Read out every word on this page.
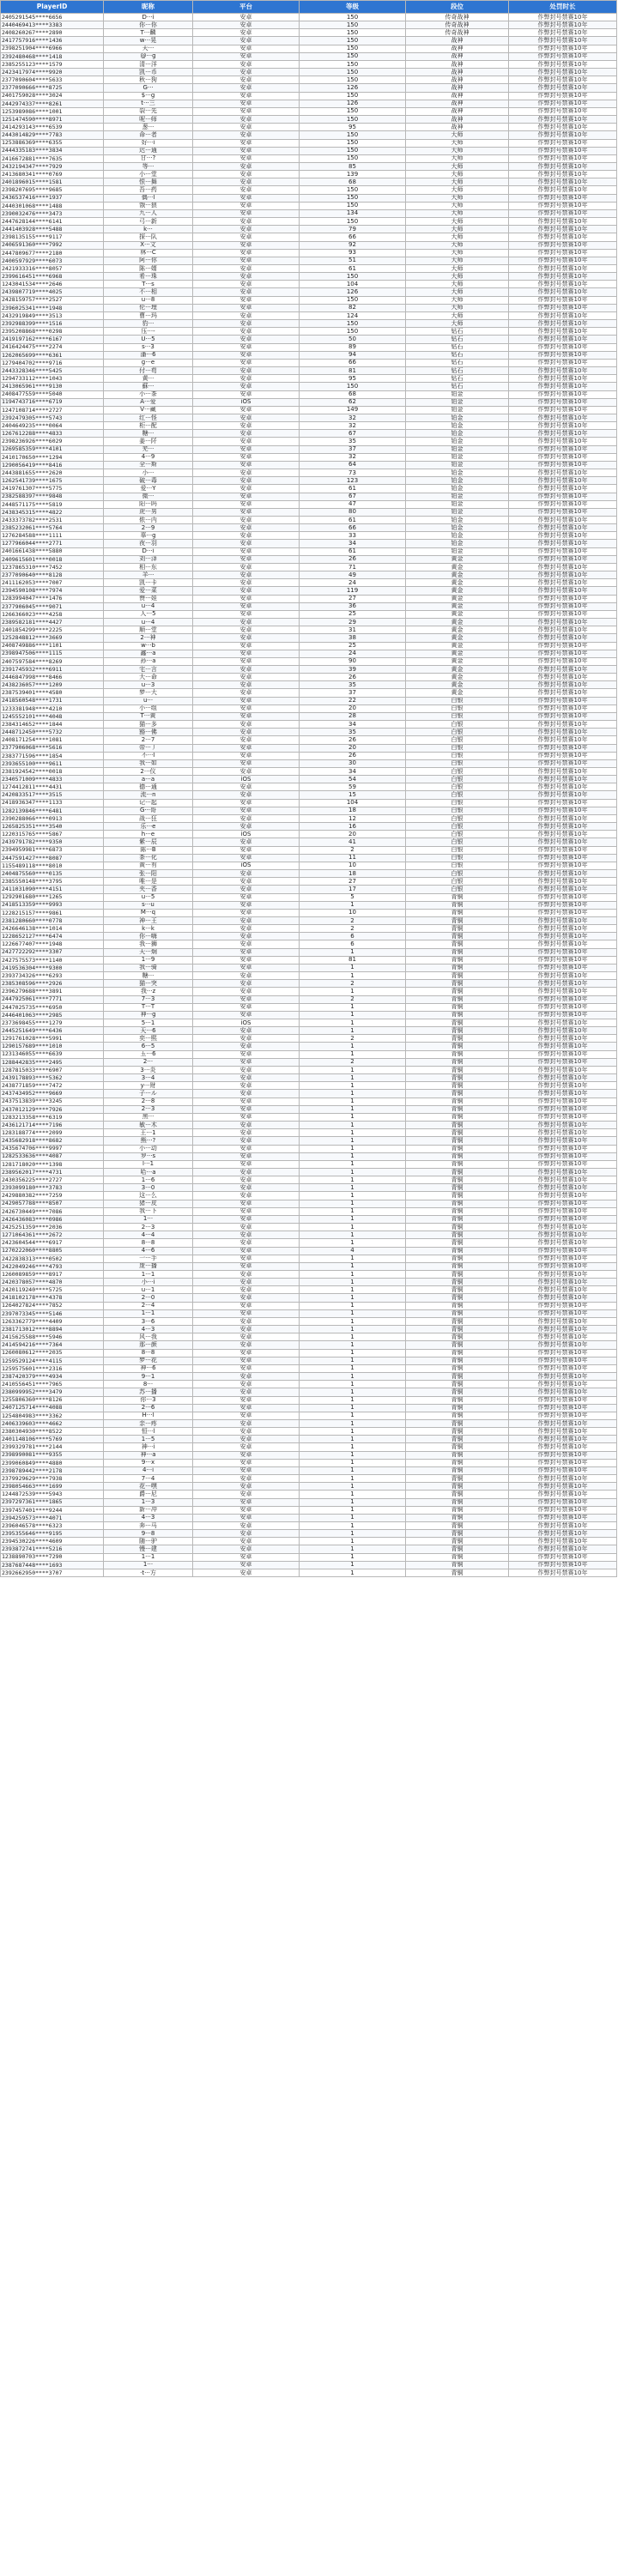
PlayerID	昵称	平台	等级	段位	处罚时长
2405291545****6656	D···i	安卓	150	传奇战神	作弊封号禁赛10年
2440469413****3383	你···你	安卓	150	传奇战神	作弊封号禁赛10年
2408260267****2890	T···麟	安卓	150	传奇战神	作弊封号禁赛10年
2417757916****1436	w···晃	安卓	150	战神	作弊封号禁赛10年
2398251904****6966	天···	安卓	150	战神	作弊封号禁赛10年
2392480468****1418	@···g	安卓	150	战神	作弊封号禁赛10年
2385255123****1579	清···洋	安卓	150	战神	作弊封号禁赛10年
2423417974****9920	凯···币	安卓	150	战神	作弊封号禁赛10年
2377090604****5633	秋···狗	安卓	150	战神	作弊封号禁赛10年
2377090666****8725	G···	安卓	126	战神	作弊封号禁赛10年
2401759028****3024	$···g	安卓	150	战神	作弊封号禁赛10年
2442974337****8261	t···三	安卓	126	战神	作弊封号禁赛10年
1253989086****1001	裂···先	安卓	150	战神	作弊封号禁赛10年
1251474590****8971	呢···师	安卓	150	战神	作弊封号禁赛10年
2414293143****6539	葱···	安卓	95	战神	作弊封号禁赛10年
2443014829****7783	命···者	安卓	150	大师	作弊封号禁赛10年
1253886369****6355	好···i	安卓	150	大师	作弊封号禁赛10年
2444335183****3834	迟···通	安卓	150	大师	作弊封号禁赛10年
2416672881****7635	甘···?	安卓	150	大师	作弊封号禁赛10年
2432194347****7929	等···	安卓	85	大师	作弊封号禁赛10年
2413680341****0769	小···堂	安卓	139	大师	作弊封号禁赛10年
2401896015****1581	恨···舞	安卓	68	大师	作弊封号禁赛10年
2398207695****9685	吾···药	安卓	150	大师	作弊封号禁赛10年
2436537416****1937	偶···l	安卓	150	大师	作弊封号禁赛10年
2440301068****1488	饿···狼	安卓	150	大师	作弊封号禁赛10年
2390032476****3473	九···人	安卓	134	大师	作弊封号禁赛10年
2447628144****6141	弓···新	安卓	150	大师	作弊封号禁赛10年
2441403928****5488	k···	安卓	79	大师	作弊封号禁赛10年
2398135155****9117	探···队	安卓	66	大师	作弊封号禁赛10年
2406591360****7992	X···文	安卓	92	大师	作弊封号禁赛10年
2447809677****2180	林···C	安卓	93	大师	作弊封号禁赛10年
2400597929****6073	阿···你	安卓	51	大师	作弊封号禁赛10年
2421933316****8057	陈···婿	安卓	61	大师	作弊封号禁赛10年
2399616451****6968	希···珠	安卓	150	大师	作弊封号禁赛10年
1243041534****2646	T···s	安卓	104	大师	作弊封号禁赛10年
2439807719****4025	不···相	安卓	126	大师	作弊封号禁赛10年
2428159757****2527	u···8	安卓	150	大师	作弊封号禁赛10年
2396025341****1948	伦···理	安卓	82	大师	作弊封号禁赛10年
2432919849****3513	曹···玛	安卓	124	大师	作弊封号禁赛10年
2392988399****1516	豹···	安卓	150	大师	作弊封号禁赛10年
2395208868****0298	压···-	安卓	150	钻石	作弊封号禁赛10年
2419197162****6167	U···5	安卓	50	钻石	作弊封号禁赛10年
2416424475****2274	s···3	安卓	89	钻石	作弊封号禁赛10年
1262065699****6361	潘···6	安卓	94	钻石	作弊封号禁赛10年
1279404702****9716	g···e	安卓	66	钻石	作弊封号禁赛10年
2443328346****5425	付···苟	安卓	81	钻石	作弊封号禁赛10年
1294733112****1043	黄···	安卓	95	钻石	作弊封号禁赛10年
2413065961****9130	蘇···	安卓	150	钻石	作弊封号禁赛10年
2408477559****5040	小···茶	安卓	68	铂金	作弊封号禁赛10年
1194743716****6719	A···爱	iOS	62	铂金	作弊封号禁赛10年
1247108714****2727	V···藏	安卓	149	铂金	作弊封号禁赛10年
2392479305****5743	红···怪	安卓	32	铂金	作弊封号禁赛10年
2404649235****0064	柜···配	安卓	32	铂金	作弊封号禁赛10年
1267612288****4833	糖···	安卓	67	铂金	作弊封号禁赛10年
2398236926****6029	姜···阡	安卓	35	铂金	作弊封号禁赛10年
1269585359****4101	芜···	安卓	37	铂金	作弊封号禁赛10年
2410170650****1294	4···9	安卓	32	铂金	作弊封号禁赛10年
1290056419****8416	全···斯	安卓	64	铂金	作弊封号禁赛10年
2443881655****2620	小···	安卓	73	铂金	作弊封号禁赛10年
1262541739****1675	破···毒	安卓	123	铂金	作弊封号禁赛10年
2419761307****5775	爱···Y	安卓	61	铂金	作弊封号禁赛10年
2382588397****9848	微···	安卓	67	铂金	作弊封号禁赛10年
2448571175****5819	阳···吗	安卓	47	铂金	作弊封号禁赛10年
2438345315****4822	虎···男	安卓	80	铂金	作弊封号禁赛10年
2433373782****2531	侬···内	安卓	61	铂金	作弊封号禁赛10年
2385232061****5764	2···9	安卓	66	铂金	作弊封号禁赛10年
1276284588****1111	辜···g	安卓	33	铂金	作弊封号禁赛10年
1277966044****2771	夜···羽	安卓	34	铂金	作弊封号禁赛10年
2401661438****5880	D···i	安卓	61	铂金	作弊封号禁赛10年
2409615601****0018	刘···泽	安卓	26	黄金	作弊封号禁赛10年
1237865310****7452	相···东	安卓	71	黄金	作弊封号禁赛10年
2377090640****8128	羊···	安卓	49	黄金	作弊封号禁赛10年
2411162053****7007	凯···卡	安卓	24	黄金	作弊封号禁赛10年
2394590108****7974	爱···菜	安卓	119	黄金	作弊封号禁赛10年
1283994047****1476	赞···娃	安卓	27	黄金	作弊封号禁赛10年
2377906045****9071	u···4	安卓	36	黄金	作弊封号禁赛10年
1266366023****4258	人···5	安卓	25	黄金	作弊封号禁赛10年
2389582181****4427	u···4	安卓	29	黄金	作弊封号禁赛10年
2401854299****2225	顺···堂	安卓	31	黄金	作弊封号禁赛10年
1252848812****3669	2···神	安卓	38	黄金	作弊封号禁赛10年
2408749886****1101	w···b	安卓	25	黄金	作弊封号禁赛10年
2398947506****1115	鑫···a	安卓	24	黄金	作弊封号禁赛10年
2407597584****8269	孙···a	安卓	90	黄金	作弊封号禁赛10年
2391745932****6911	宅···言	安卓	39	黄金	作弊封号禁赛10年
2446847998****8466	大···命	安卓	26	黄金	作弊封号禁赛10年
2438236057****1209	u···3	安卓	35	黄金	作弊封号禁赛10年
2387539401****4580	梦···大	安卓	37	黄金	作弊封号禁赛10年
2418560548****1731	u···	安卓	22	白银	作弊封号禁赛10年
1233381948****4210	小···组	安卓	20	白银	作弊封号禁赛10年
1245552101****4048	T···黄	安卓	28	白银	作弊封号禁赛10年
2384314652****1844	猫···多	安卓	34	白银	作弊封号禁赛10年
2448712450****5732	豁···佛	安卓	35	白银	作弊封号禁赛10年
2408171254****1081	2···7	安卓	26	白银	作弊封号禁赛10年
2377906068****5616	帝···丿	安卓	20	白银	作弊封号禁赛10年
2383771596****1854	不···I	安卓	26	白银	作弊封号禁赛10年
2393655100****9611	我···如	安卓	30	白银	作弊封号禁赛10年
2381924542****0018	2···仪	安卓	34	白银	作弊封号禁赛10年
2340571009****4833	a···a	iOS	54	白银	作弊封号禁赛10年
1274412811****4431	德···通	安卓	59	白银	作弊封号禁赛10年
2420833517****3515	流···n	安卓	15	白银	作弊封号禁赛10年
2418936347****1133	记···起	安卓	104	白银	作弊封号禁赛10年
1282139846****6481	G···哥	安卓	18	白银	作弊封号禁赛10年
2390288066****0913	战···狂	安卓	12	白银	作弊封号禁赛10年
1265825351****3540	乐···e	安卓	16	白银	作弊封号禁赛10年
1220315765****5867	h···e	iOS	20	白银	作弊封号禁赛10年
2439791782****9350	紫···辰	安卓	41	白银	作弊封号禁赛10年
2394959981****6873	陈···B	安卓	2	白银	作弊封号禁赛10年
2447591427****8087	茶···化	安卓	11	白银	作弊封号禁赛10年
1155489118****8010	黄···有	iOS	10	白银	作弊封号禁赛10年
2404875560****0135	张···阳	安卓	18	白银	作弊封号禁赛10年
2385550148****3795	唯···是	安卓	27	白银	作弊封号禁赛10年
2411031090****4151	夹···香	安卓	17	白银	作弊封号禁赛10年
1292901680****1265	u···5	安卓	5	青铜	作弊封号禁赛10年
2418513359****9993	s···u	安卓	1	青铜	作弊封号禁赛10年
1228215157****9861	M···q	安卓	10	青铜	作弊封号禁赛10年
2381280660****0778	神···王	安卓	2	青铜	作弊封号禁赛10年
2426646138****1014	k···k	安卓	2	青铜	作弊封号禁赛10年
1228652127****6474	你···嗨	安卓	6	青铜	作弊封号禁赛10年
1226677407****1948	我···狮	安卓	6	青铜	作弊封号禁赛10年
2427722292****3307	天···炯	安卓	1	青铜	作弊封号禁赛10年
2427575573****1140	1···9	安卓	81	青铜	作弊封号禁赛10年
2419536304****9300	我···骑	安卓	1	青铜	作弊封号禁赛10年
2393734326****6293	糖···	安卓	1	青铜	作弊封号禁赛10年
2385308596****2926	猫···突	安卓	2	青铜	作弊封号禁赛10年
2396279688****3891	我···z	安卓	1	青铜	作弊封号禁赛10年
2447925061****7771	7···3	安卓	2	青铜	作弊封号禁赛10年
2447025735****6950	T···T	安卓	1	青铜	作弊封号禁赛10年
2446401063****2985	神···g	安卓	1	青铜	作弊封号禁赛10年
2373698455****1279	5···1	iOS	1	青铜	作弊封号禁赛10年
2445251649****6436	天···6	安卓	1	青铜	作弊封号禁赛10年
1291761028****5991	奕···熙	安卓	2	青铜	作弊封号禁赛10年
1290157689****1010	6···5	安卓	1	青铜	作弊封号禁赛10年
1231346055****6639	玉···6	安卓	1	青铜	作弊封号禁赛10年
1288442835****2495	2···	安卓	2	青铜	作弊封号禁赛10年
1287815033****6907	3···炎	安卓	1	青铜	作弊封号禁赛10年
2439178893****5362	3···4	安卓	1	青铜	作弊封号禁赛10年
2438771859****7472	y···财	安卓	1	青铜	作弊封号禁赛10年
2437434952****9669	子···ル	安卓	1	青铜	作弊封号禁赛10年
2437513839****3245	2···8	安卓	1	青铜	作弊封号禁赛10年
2437012129****7926	2···3	安卓	1	青铜	作弊封号禁赛10年
1283213358****6319	黑···	安卓	1	青铜	作弊封号禁赛10年
2436121714****7196	敏···木	安卓	1	青铜	作弊封号禁赛10年
1283188774****2099	王···1	安卓	1	青铜	作弊封号禁赛10年
2435682918****8682	熊···?	安卓	1	青铜	作弊封号禁赛10年
2435674706****9997	小···动	安卓	1	青铜	作弊封号禁赛10年
1282533636****4087	罗···s	安卓	1	青铜	作弊封号禁赛10年
1281718020****1398	l···1	安卓	1	青铜	作弊封号禁赛10年
2389562017****4731	哈···a	安卓	1	青铜	作弊封号禁赛10年
2430356225****2727	1···6	安卓	1	青铜	作弊封号禁赛10年
2393099180****3783	3···0	安卓	1	青铜	作弊封号禁赛10年
2429880382****7259	这···么	安卓	1	青铜	作弊封号禁赛10年
2429057788****8507	猪···皮	安卓	1	青铜	作弊封号禁赛10年
2426730449****7086	我···下	安卓	1	青铜	作弊封号禁赛10年
2426436083****0986	1···	安卓	1	青铜	作弊封号禁赛10年
2425251359****2036	2···3	安卓	1	青铜	作弊封号禁赛10年
1271064361****2672	4···4	安卓	1	青铜	作弊封号禁赛10年
2423604544****6917	8···8	安卓	1	青铜	作弊封号禁赛10年
1270222060****8805	4···6	安卓	4	青铜	作弊封号禁赛10年
2422838313****0502	一···手	安卓	1	青铜	作弊封号禁赛10年
2422049246****4793	庞···播	安卓	1	青铜	作弊封号禁赛10年
1260089859****8917	1···1	安卓	1	青铜	作弊封号禁赛10年
2420378057****4870	小···i	安卓	1	青铜	作弊封号禁赛10年
2420119240****5725	u···1	安卓	1	青铜	作弊封号禁赛10年
2418102178****4378	2···0	安卓	1	青铜	作弊封号禁赛10年
1264027824****7852	2···4	安卓	1	青铜	作弊封号禁赛10年
2397073345****5146	1···1	安卓	1	青铜	作弊封号禁赛10年
1263362779****4409	3···6	安卓	1	青铜	作弊封号禁赛10年
2381713012****8894	4···3	安卓	1	青铜	作弊封号禁赛10年
2415625588****5946	风···我	安卓	1	青铜	作弊封号禁赛10年
2414594216****7364	那···颜	安卓	1	青铜	作弊封号禁赛10年
1260080612****2035	8···8	安卓	1	青铜	作弊封号禁赛10年
1259529124****4115	梦···花	安卓	1	青铜	作弊封号禁赛10年
1259575601****2316	神···6	安卓	1	青铜	作弊封号禁赛10年
2387420379****4934	9···1	安卓	1	青铜	作弊封号禁赛10年
2410556451****7965	8···	安卓	1	青铜	作弊封号禁赛10年
2380999952****3479	苏···播	安卓	1	青铜	作弊封号禁赛10年
1255806360****8126	你···3	安卓	1	青铜	作弊封号禁赛10年
2407125714****4088	2···6	安卓	1	青铜	作弊封号禁赛10年
1254804983****3362	H···l	安卓	1	青铜	作弊封号禁赛10年
2406339603****4662	亲···疼	安卓	1	青铜	作弊封号禁赛10年
2380304930****8522	恒···l	安卓	1	青铜	作弊封号禁赛10年
2401148106****5769	1···5	安卓	1	青铜	作弊封号禁赛10年
2399329781****2144	神···i	安卓	1	青铜	作弊封号禁赛10年
2398990081****9355	神···a	安卓	1	青铜	作弊封号禁赛10年
2399060849****4880	9···x	安卓	1	青铜	作弊封号禁赛10年
2398789442****2178	4···i	安卓	1	青铜	作弊封号禁赛10年
2379929629****7938	7···4	安卓	1	青铜	作弊封号禁赛10年
2398054663****1699	花···嘿	安卓	1	青铜	作弊封号禁赛10年
1244872539****5943	爵···尼	安卓	1	青铜	作弊封号禁赛10年
2397297361****1865	1···3	安卓	1	青铜	作弊封号禁赛10年
2397457401****9244	新···冲	安卓	1	青铜	作弊封号禁赛10年
2394259573****4071	4···3	安卓	1	青铜	作弊封号禁赛10年
2396046578****6323	奔···马	安卓	1	青铜	作弊封号禁赛10年
2395355646****9195	9···8	安卓	1	青铜	作弊封号禁赛10年
2394530226****4609	随···驴	安卓	1	青铜	作弊封号禁赛10年
2393872741****5216	慢···建	安卓	1	青铜	作弊封号禁赛10年
1238890703****7290	1···1	安卓	1	青铜	作弊封号禁赛10年
2387687448****1693	1···	安卓	1	青铜	作弊封号禁赛10年
2392662950****3707	·t···方	安卓	1	青铜	作弊封号禁赛10年
